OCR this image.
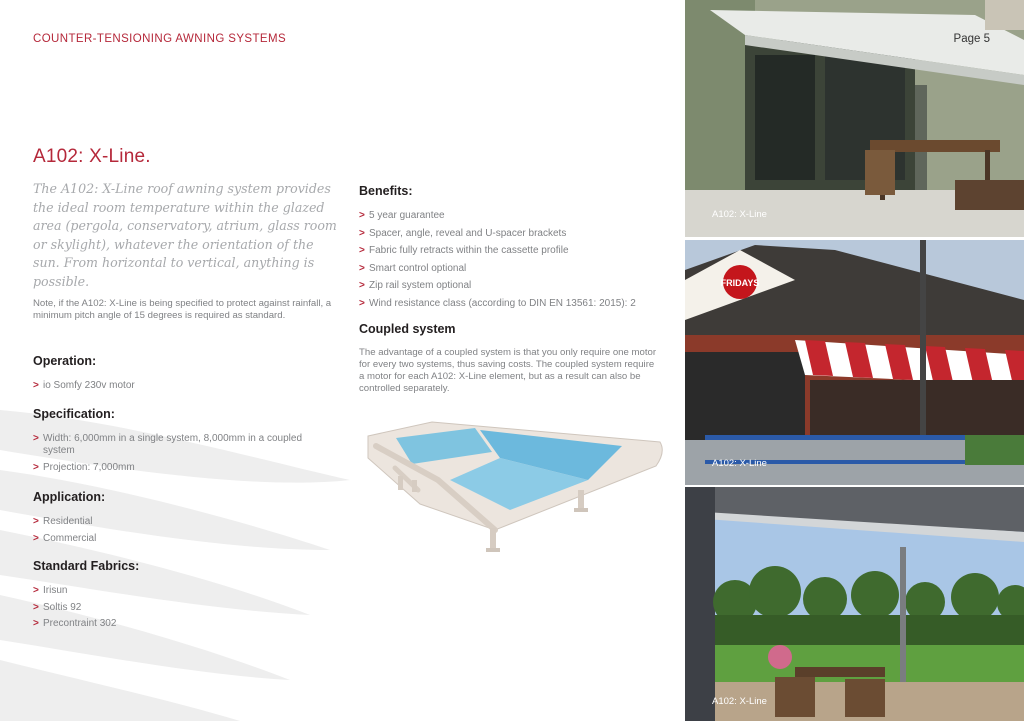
COUNTER-TENSIONING AWNING SYSTEMS	Page 5
A102: X-Line.

The A102: X-Line roof awning system provides the ideal room temperature within the glazed area (pergola, conservatory, atrium, glass room or skylight), whatever the orientation of the sun. From horizontal to vertical, anything is possible.

Note, if the A102: X-Line is being specified to protect against rainfall, a minimum pitch angle of 15 degrees is required as standard.

Operation:
> io Somfy 230v motor
Specification:
> Width: 6,000mm in a single system, 8,000mm in a coupled system
> Projection: 7,000mm
Application:
> Residential
> Commercial
Standard Fabrics:
> Irisun
> Soltis 92
> Precontraint 302
Benefits:
> 5 year guarantee
> Spacer, angle, reveal and U-spacer brackets
> Fabric fully retracts within the cassette profile
> Smart control optional
> Zip rail system optional
> Wind resistance class (according to DIN EN 13561: 2015): 2
Coupled system

The advantage of a coupled system is that you only require one motor for every two systems, thus saving costs. The coupled system require a motor for each A102: X-Line element, but as a result can also be controlled separately.

A102: X-Line
FRIDAYS
A102: X-Line
A102: X-Line
